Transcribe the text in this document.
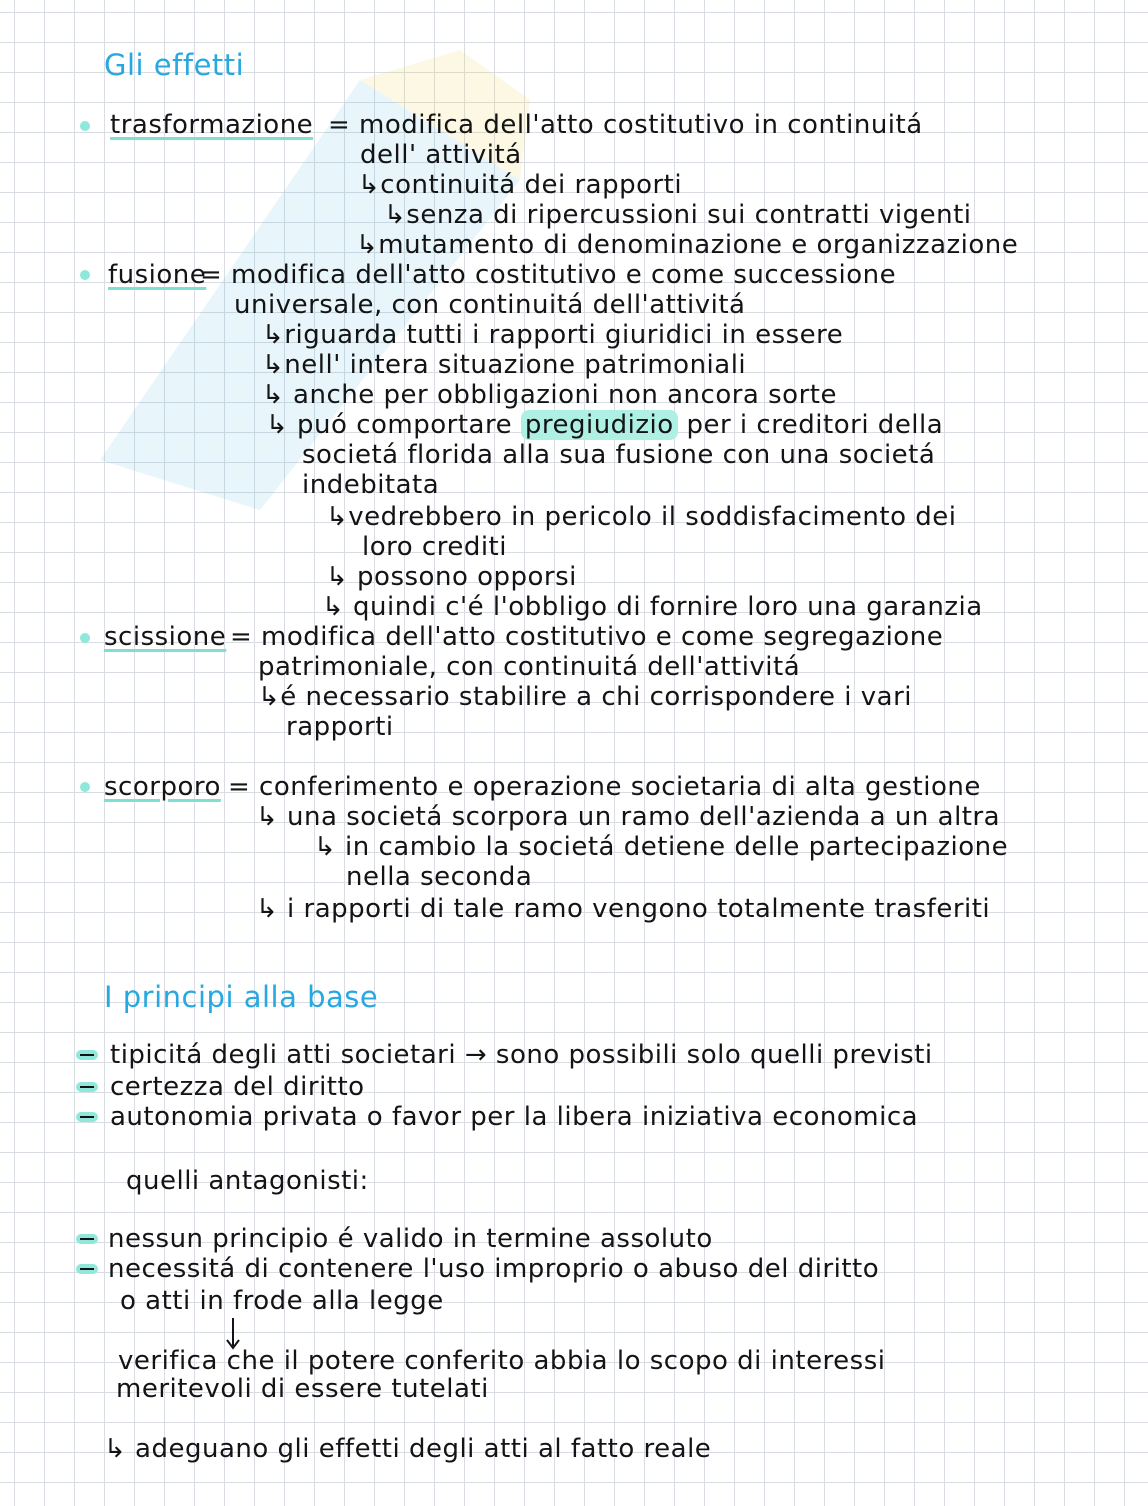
Gli effetti
trasformazione = modifica dell'atto costitutivo in continuitá
dell' attivitá
↳continuitá dei rapporti
↳senza di ripercussioni sui contratti vigenti
↳mutamento di denominazione e organizzazione
fusione
= modifica dell'atto costitutivo e come successione
universale, con continuitá dell'attivitá
↳riguarda tutti i rapporti giuridici in essere
↳nell' intera situazione patrimoniali
↳ anche per obbligazioni non ancora sorte
↳ puó comportare pregiudizio per i creditori della
societá florida alla sua fusione con una societá
indebitata
↳vedrebbero in pericolo il soddisfacimento dei
loro crediti
↳ possono opporsi
↳ quindi c'é l'obbligo di fornire loro una garanzia
scissione = modifica dell'atto costitutivo e come segregazione
patrimoniale, con continuitá dell'attivitá
↳é necessario stabilire a chi corrispondere i vari
rapporti
scorporo = conferimento e operazione societaria di alta gestione
↳ una societá scorpora un ramo dell'azienda a un altra
↳ in cambio la societá detiene delle partecipazione
nella seconda
↳ i rapporti di tale ramo vengono totalmente trasferiti
I principi alla base
tipicitá degli atti societari → sono possibili solo quelli previsti
certezza del diritto
autonomia privata o favor per la libera iniziativa economica
quelli antagonisti:
nessun principio é valido in termine assoluto
necessitá di contenere l'uso improprio o abuso del diritto
o atti in frode alla legge
verifica che il potere conferito abbia lo scopo di interessi
meritevoli di essere tutelati
↳ adeguano gli effetti degli atti al fatto reale
